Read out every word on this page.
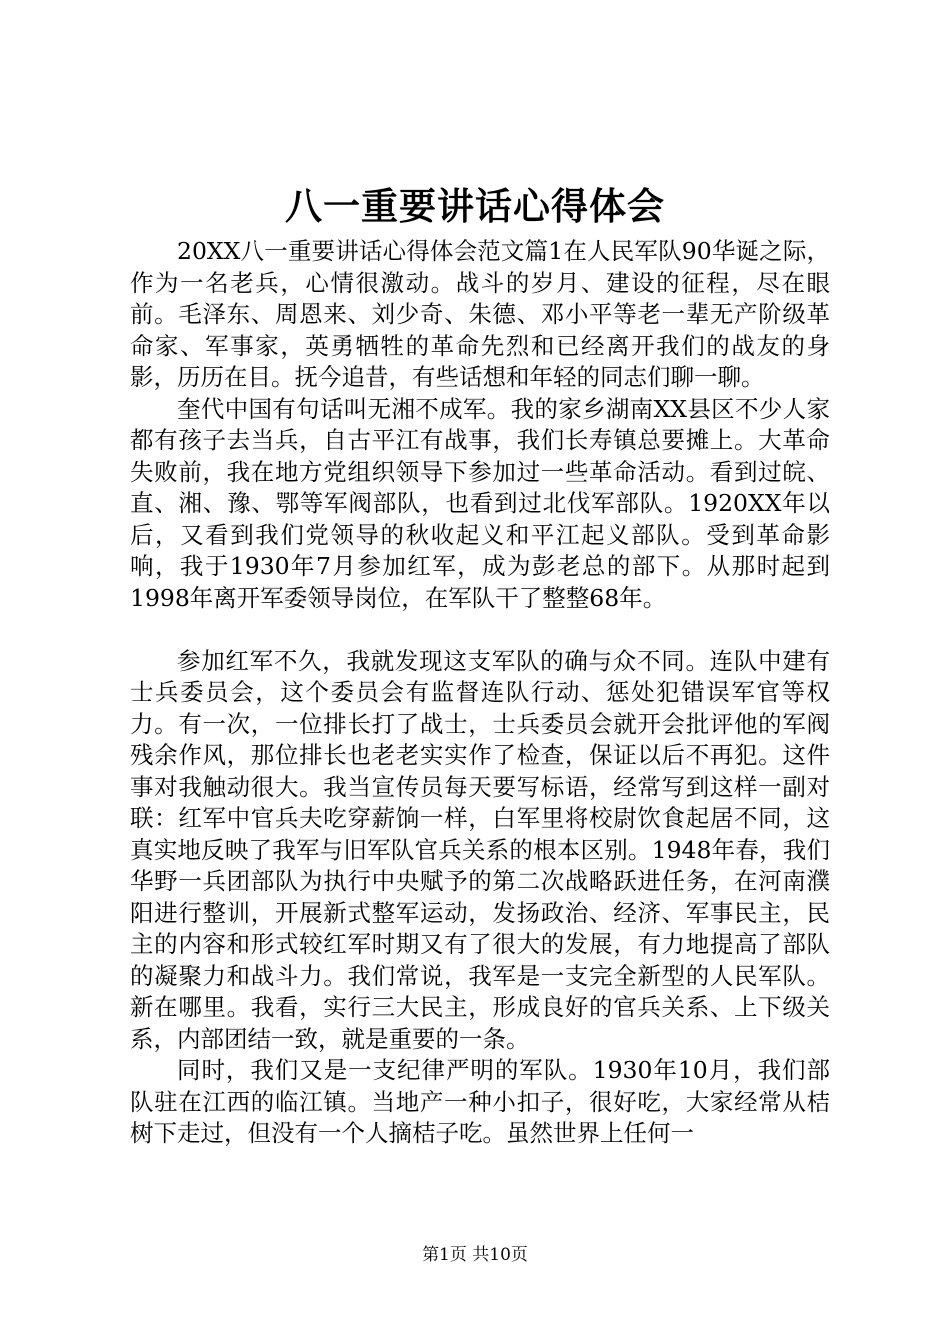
八一重要讲话心得体会

20XX八一重要讲话心得体会范文篇1在人民军队90华诞之际，作为一名老兵，心情很激动。战斗的岁月、建设的征程，尽在眼前。毛泽东、周恩来、刘少奇、朱德、邓小平等老一辈无产阶级革命家、军事家，英勇牺牲的革命先烈和已经离开我们的战友的身影，历历在目。抚今追昔，有些话想和年轻的同志们聊一聊。

奎代中国有句话叫无湘不成军。我的家乡湖南XX县区不少人家都有孩子去当兵，自古平江有战事，我们长寿镇总要摊上。大革命失败前，我在地方党组织领导下参加过一些革命活动。看到过皖、直、湘、豫、鄂等军阀部队，也看到过北伐军部队。1920XX年以后，又看到我们党领导的秋收起义和平江起义部队。受到革命影响，我于1930年7月参加红军，成为彭老总的部下。从那时起到1998年离开军委领导岗位，在军队干了整整68年。

参加红军不久，我就发现这支军队的确与众不同。连队中建有士兵委员会，这个委员会有监督连队行动、惩处犯错误军官等权力。有一次，一位排长打了战士，士兵委员会就开会批评他的军阀残余作风，那位排长也老老实实作了检查，保证以后不再犯。这件事对我触动很大。我当宣传员每天要写标语，经常写到这样一副对联：红军中官兵夫吃穿薪饷一样，白军里将校尉饮食起居不同，这真实地反映了我军与旧军队官兵关系的根本区别。1948年春，我们华野一兵团部队为执行中央赋予的第二次战略跃进任务，在河南濮阳进行整训，开展新式整军运动，发扬政治、经济、军事民主，民主的内容和形式较红军时期又有了很大的发展，有力地提高了部队的凝聚力和战斗力。我们常说，我军是一支完全新型的人民军队。新在哪里。我看，实行三大民主，形成良好的官兵关系、上下级关系，内部团结一致，就是重要的一条。

同时，我们又是一支纪律严明的军队。1930年10月，我们部队驻在江西的临江镇。当地产一种小扣子，很好吃，大家经常从桔树下走过，但没有一个人摘桔子吃。虽然世界上任何一

第1页 共10页
